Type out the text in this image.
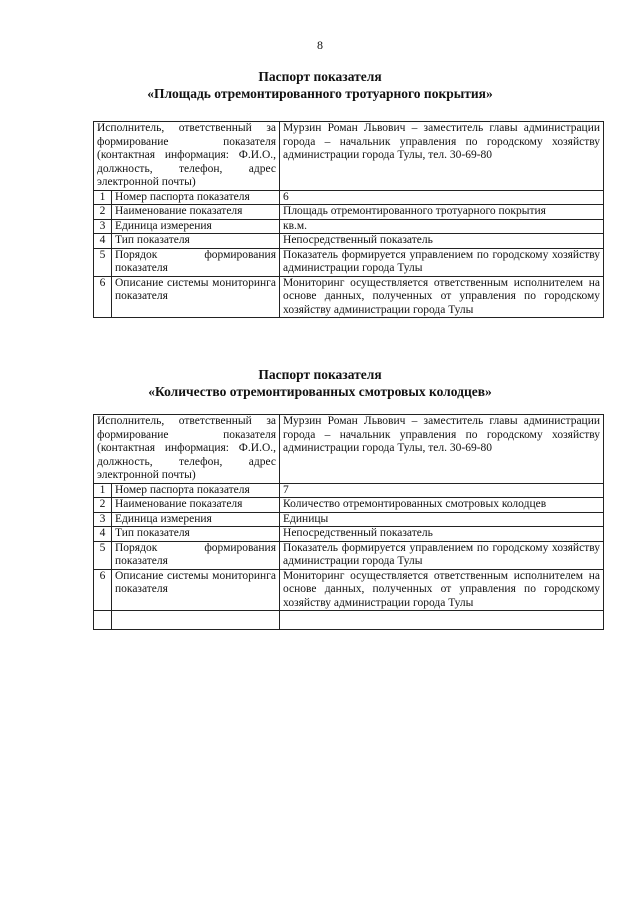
8
Паспорт показателя
«Площадь отремонтированного тротуарного покрытия»
Исполнитель, ответственный за формирование показателя (контактная информация: Ф.И.О., должность, телефон, адрес электронной почты)		Мурзин Роман Львович – заместитель главы администрации города – начальник управления по городскому хозяйству администрации города Тулы, тел. 30-69-80
1	Номер паспорта показателя	6
2	Наименование показателя	Площадь отремонтированного тротуарного покрытия
3	Единица измерения	кв.м.
4	Тип показателя	Непосредственный показатель
5	Порядок формирования показателя	Показатель формируется управлением по городскому хозяйству администрации города Тулы
6	Описание системы мониторинга показателя	Мониторинг осуществляется ответственным исполнителем на основе данных, полученных от управления по городскому хозяйству администрации города Тулы
Паспорт показателя
«Количество отремонтированных смотровых колодцев»
Исполнитель, ответственный за формирование показателя (контактная информация: Ф.И.О., должность, телефон, адрес электронной почты)		Мурзин Роман Львович – заместитель главы администрации города – начальник управления по городскому хозяйству администрации города Тулы, тел. 30-69-80
1	Номер паспорта показателя	7
2	Наименование показателя	Количество отремонтированных смотровых колодцев
3	Единица измерения	Единицы
4	Тип показателя	Непосредственный показатель
5	Порядок формирования показателя	Показатель формируется управлением по городскому хозяйству администрации города Тулы
6	Описание системы мониторинга показателя	Мониторинг осуществляется ответственным исполнителем на основе данных, полученных от управления по городскому хозяйству администрации города Тулы
